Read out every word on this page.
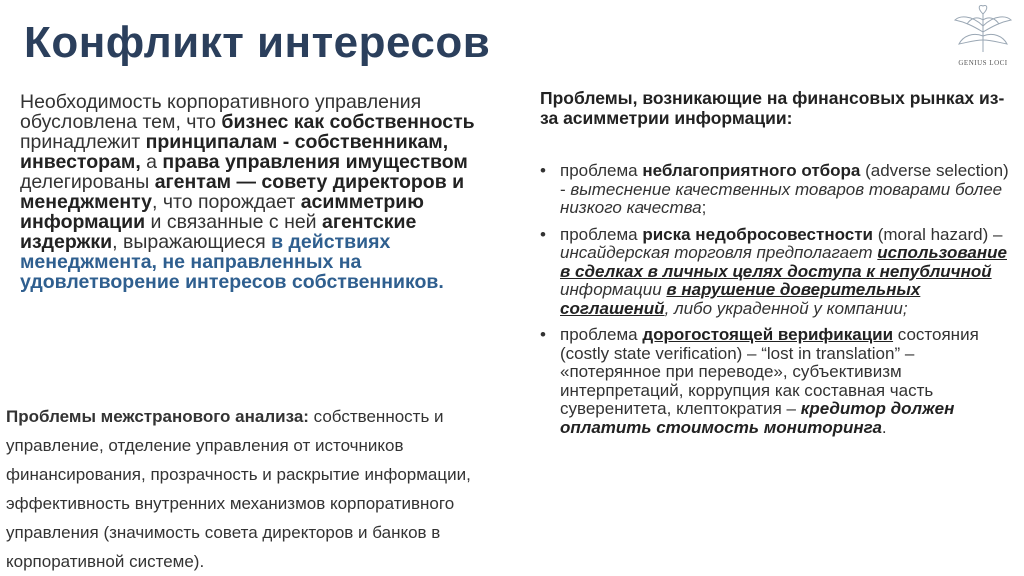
Конфликт интересов	GENIUS LOCI
Необходимость корпоративного управления обусловлена тем, что бизнес как собственность принадлежит принципалам - собственникам, инвесторам, а права управления имуществом делегированы агентам — совету директоров и менеджменту, что порождает асимметрию информации и связанные с ней агентские издержки, выражающиеся в действиях менеджмента, не направленных на удовлетворение интересов собственников.
Проблемы межстранового анализа: собственность и управление, отделение управления от источников финансирования, прозрачность и раскрытие информации, эффективность внутренних механизмов корпоративного управления (значимость совета директоров и банков в корпоративной системе).
Проблемы, возникающие на финансовых рынках из-за асимметрии информации:
• проблема неблагоприятного отбора (adverse selection) - вытеснение качественных товаров товарами более низкого качества;
• проблема риска недобросовестности (moral hazard) – инсайдерская торговля предполагает использование в сделках в личных целях доступа к непубличной информации в нарушение доверительных соглашений, либо украденной у компании;
• проблема дорогостоящей верификации состояния (costly state verification) – “lost in translation” – «потерянное при переводе», субъективизм интерпретаций, коррупция как составная часть суверенитета, клептократия – кредитор должен оплатить стоимость мониторинга.
